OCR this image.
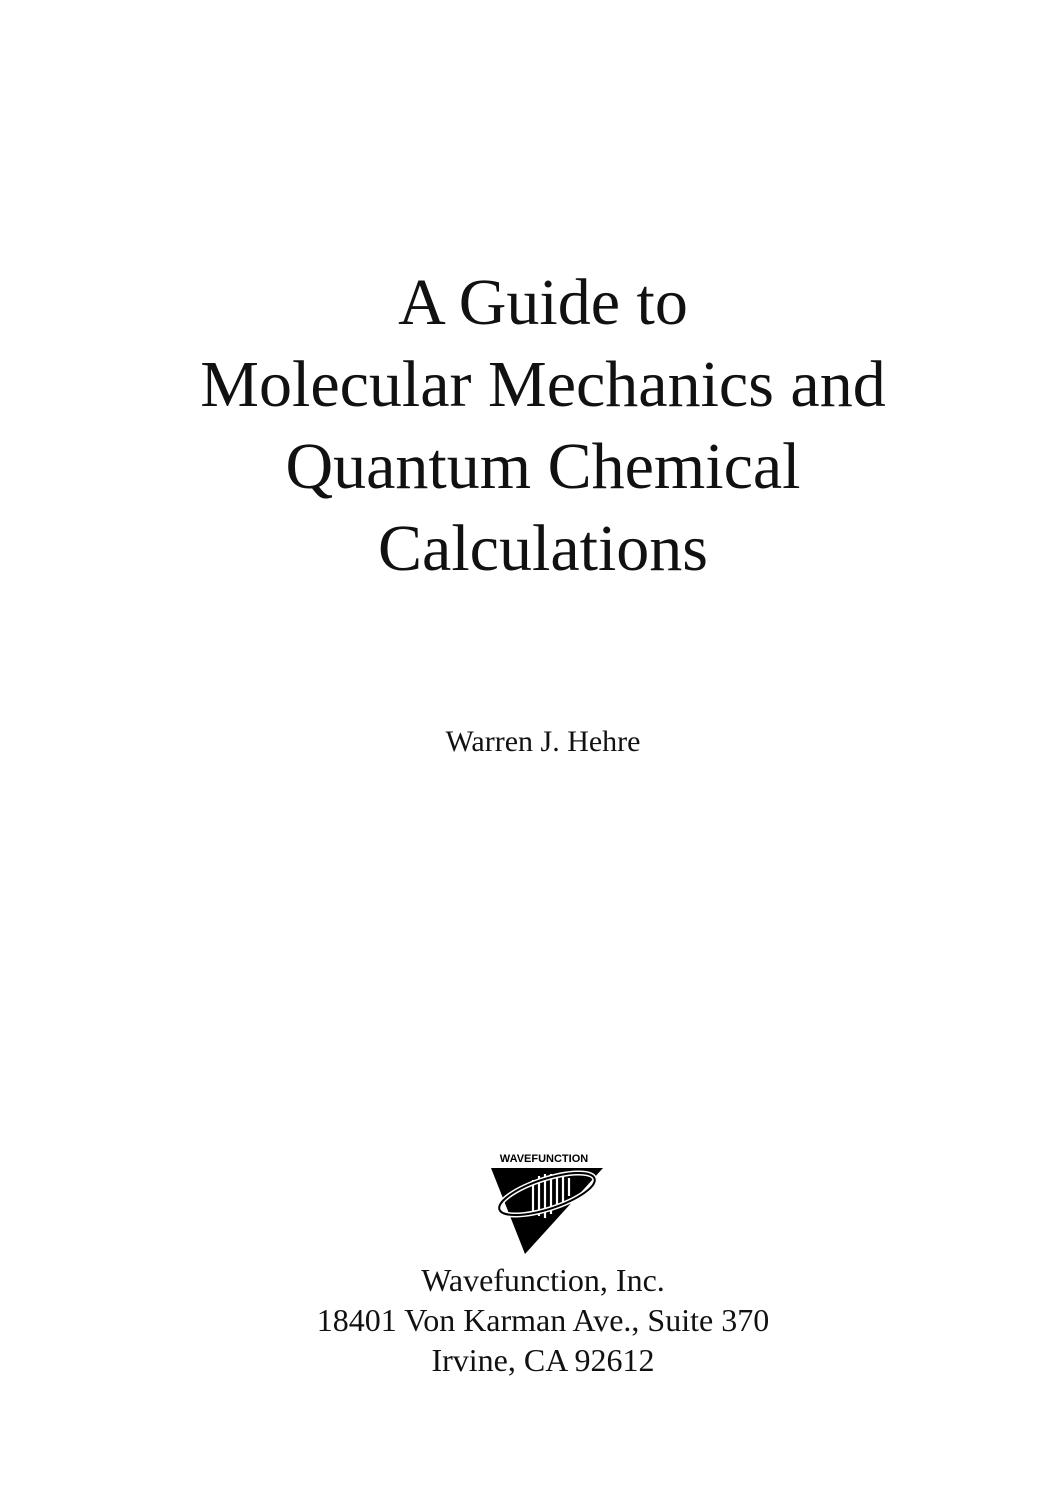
A Guide to
Molecular Mechanics and
Quantum Chemical
Calculations
Warren J. Hehre
WAVEFUNCTION
Wavefunction, Inc.
18401 Von Karman Ave., Suite 370
Irvine, CA 92612
